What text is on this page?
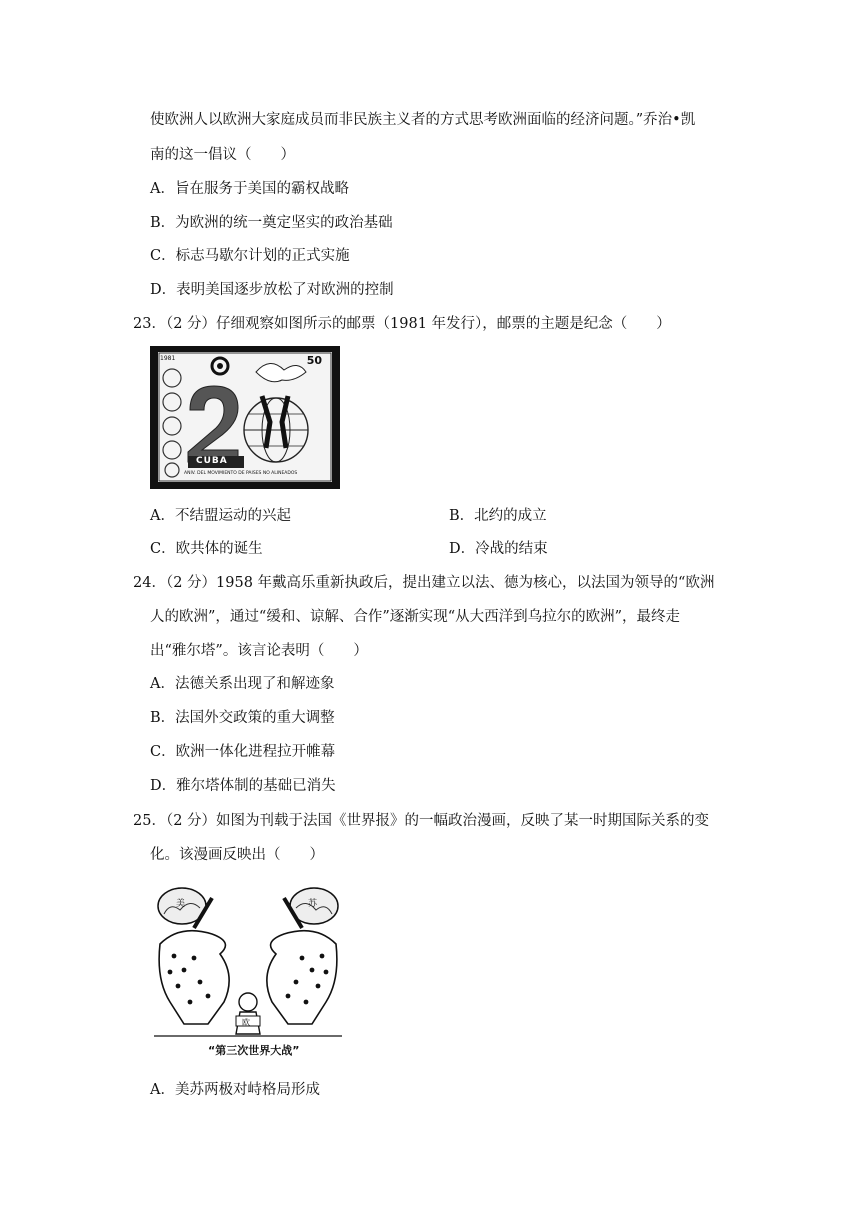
使欧洲人以欧洲大家庭成员而非民族主义者的方式思考欧洲面临的经济问题。”乔治•凯
南的这一倡议（　　）
A．旨在服务于美国的霸权战略
B．为欧洲的统一奠定坚实的政治基础
C．标志马歇尔计划的正式实施
D．表明美国逐步放松了对欧洲的控制
23．（2 分）仔细观察如图所示的邮票（1981 年发行），邮票的主题是纪念（　　）
1981	50
CUBA
ANIV. DEL MOVIMIENTO DE PAISES NO ALINEADOS
A．不结盟运动的兴起	B．北约的成立
C．欧共体的诞生	D．冷战的结束
24．（2 分）1958 年戴高乐重新执政后，提出建立以法、德为核心，以法国为领导的“欧洲
人的欧洲”，通过“缓和、谅解、合作”逐渐实现“从大西洋到乌拉尔的欧洲”，最终走
出“雅尔塔”。该言论表明（　　）
A．法德关系出现了和解迹象
B．法国外交政策的重大调整
C．欧洲一体化进程拉开帷幕
D．雅尔塔体制的基础已消失
25．（2 分）如图为刊载于法国《世界报》的一幅政治漫画，反映了某一时期国际关系的变
化。该漫画反映出（　　）
美	苏
欧
“第三次世界大战”
A．美苏两极对峙格局形成
